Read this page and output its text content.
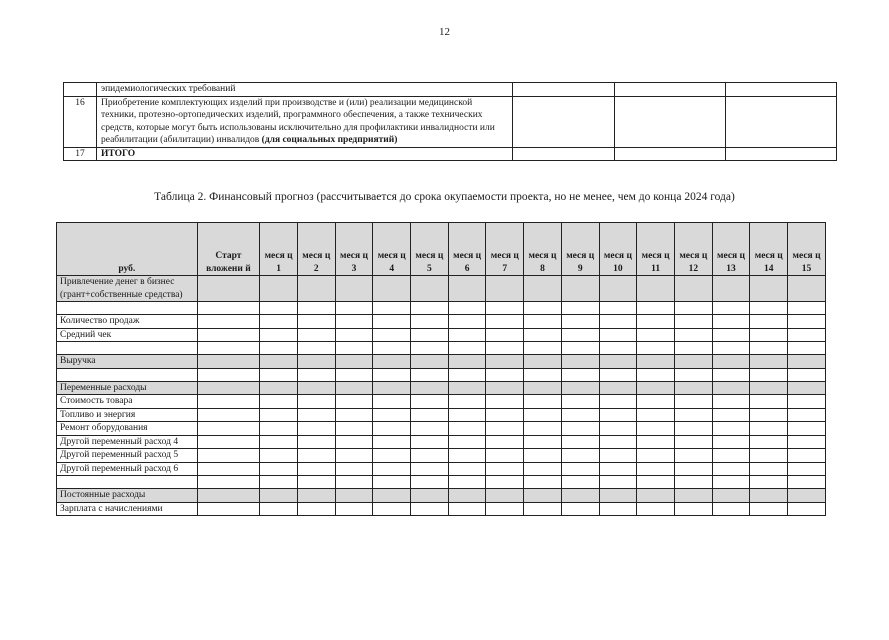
12
	эпидемиологических требований			
16	Приобретение комплектующих изделий при производстве и (или) реализации медицинской техники, протезно-ортопедических изделий, программного обеспечения, а также технических средств, которые могут быть использованы исключительно для профилактики инвалидности или реабилитации (абилитации) инвалидов (для социальных предприятий)			
17	ИТОГО			
Таблица 2. Финансовый прогноз (рассчитывается до срока окупаемости проекта, но не менее, чем до конца 2024 года)
руб.	Старт вложени й	меся ц 1	меся ц 2	меся ц 3	меся ц 4	меся ц 5	меся ц 6	меся ц 7	меся ц 8	меся ц 9	меся ц 10	меся ц 11	меся ц 12	меся ц 13	меся ц 14	меся ц 15
Привлечение денег в бизнес (грант+собственные средства)																

Количество продаж																
Средний чек																

Выручка																

Переменные расходы																
Стоимость товара																
Топливо и энергия																
Ремонт оборудования																
Другой переменный расход 4																
Другой переменный расход 5																
Другой переменный расход 6																

Постоянные расходы																
Зарплата с начислениями																
